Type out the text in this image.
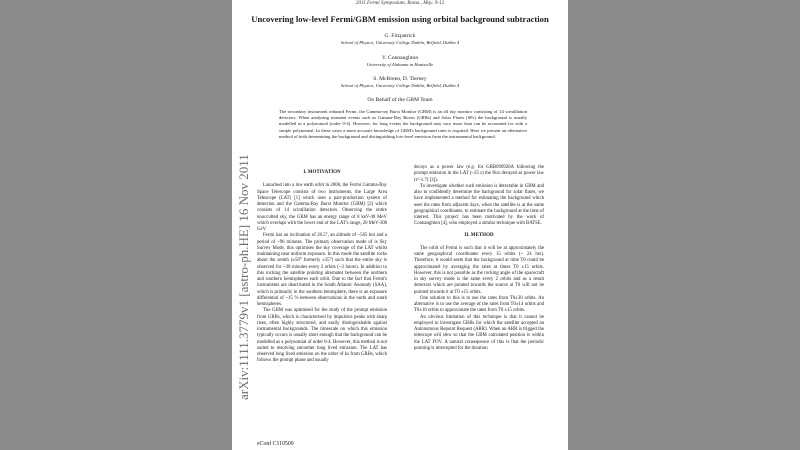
2011 Fermi Symposium, Roma., May. 9-12
Uncovering low-level Fermi/GBM emission using orbital background subtraction
G. Fitzpatrick
School of Physics, University College Dublin, Belfield, Dublin 4
V. Connaughton
University of Alabama in Huntsville
S. McBreen, D. Tierney
School of Physics, University College Dublin, Belfield, Dublin 4
On Behalf of the GBM Team
The secondary instrument onboard Fermi, the Gamma-ray Burst Monitor (GBM) is an all sky monitor consisting of 14 scintillation detectors. When analysing transient events such as Gamma-Ray Bursts (GRBs) and Solar Flares (SFs) the background is usually modelled as a polynomial (order 0-4). However, for long events the background may vary more than can be accounted for with a simple polynomial. In these cases a more accurate knowledge of GBM's background rates is required. Here we present an alternative method of both determining the background and distinguishing low-level emission from the instrumental background.
I. MOTIVATION

Launched into a low earth orbit in 2008, the Fermi Gamma-Ray Space Telescope consists of two instruments, the Large Area Telescope (LAT) [1] which uses a pair-production system of detection and the Gamma-Ray Burst Monitor (GBM) [2] which consists of 14 scintillation detectors. Observing the entire unocculted sky, the GBM has an energy range of 8 keV-40 MeV which overlaps with the lower end of the LAT's range, 20 MeV-300 GeV.

Fermi has an inclination of 26.5°, an altitude of ~565 km and a period of ~96 minutes. The primary observation mode of is Sky Survey Mode, this optimises the sky coverage of the LAT whilst maintaining near uniform exposure. In this mode the satellite rocks about the zenith (±50° formerly ±35°) such that the entire sky is observed for ~30 minutes every 2 orbits (~3 hours). In addition to this rocking the satellite pointing alternates between the northern and southern hemispheres each orbit. Due to the fact that Fermi's instruments are deactivated in the South Atlantic Anomaly (SAA), which is primarily in the southern hemisphere, there is an exposure differential of ~15 % between observations in the north and south hemispheres.

The GBM was optimised for the study of the prompt emission from GRBs, which is characterised by impulsive peaks with sharp rises, often highly structured, and easily distinguishable against instrumental backgrounds. The timescale on which this emission typically occurs is usually short enough that the background can be modelled as a polynomial of order 0-4. However, this method is not suited to resolving smoother long lived emission. The LAT has observed long lived emission on the order of ks from GRBs, which follows the prompt phase and usually

decays as a power law (e.g. for GRB090926A following the prompt emission in the LAT (~25 s) the flux decayed as power law (t^-1.7) [3]).

To investigate whether such emission is detectable in GBM and also to confidently determine the background for solar flares, we have implemented a method for estimating the background which uses the rates from adjacent days, when the satellite is at the same geographical coordinates, to estimate the background at the time of interest. This project has been motivated by the work of Connaughton [4], who employed a similar technique with BATSE.

II. METHOD

The orbit of Fermi is such that it will be at approximately the same geographical coordinates every 15 orbits (~ 24 hrs). Therefore, it would seem that the background at time T0 could be approximated by averaging the rates at times T0 ±15 orbits. However, this is not possible as the rocking angle of the spacecraft in sky survey mode is the same every 2 orbits and as a result detectors which are pointed towards the source at T0 will not be pointed towards it at T0 ±15 orbits.

One solution to this is to use the rates from T0±30 orbits. An alternative is to use the average of the rates from T0±14 orbits and T0±16 orbits to approximate the rates from T0 ±15 orbits.

An obvious limitation of this technique is that it cannot be employed to investigate GRBs for which the satellite accepted an Autonomous Repoint Request (ARR). When an ARR is trigged the telescope will slew so that the GBM calculated position is within the LAT FOV. A natural consequence of this is that the periodic pointing is interrupted for the duration

eConf C110509
arXiv:1111.3779v1 [astro-ph.HE] 16 Nov 2011
